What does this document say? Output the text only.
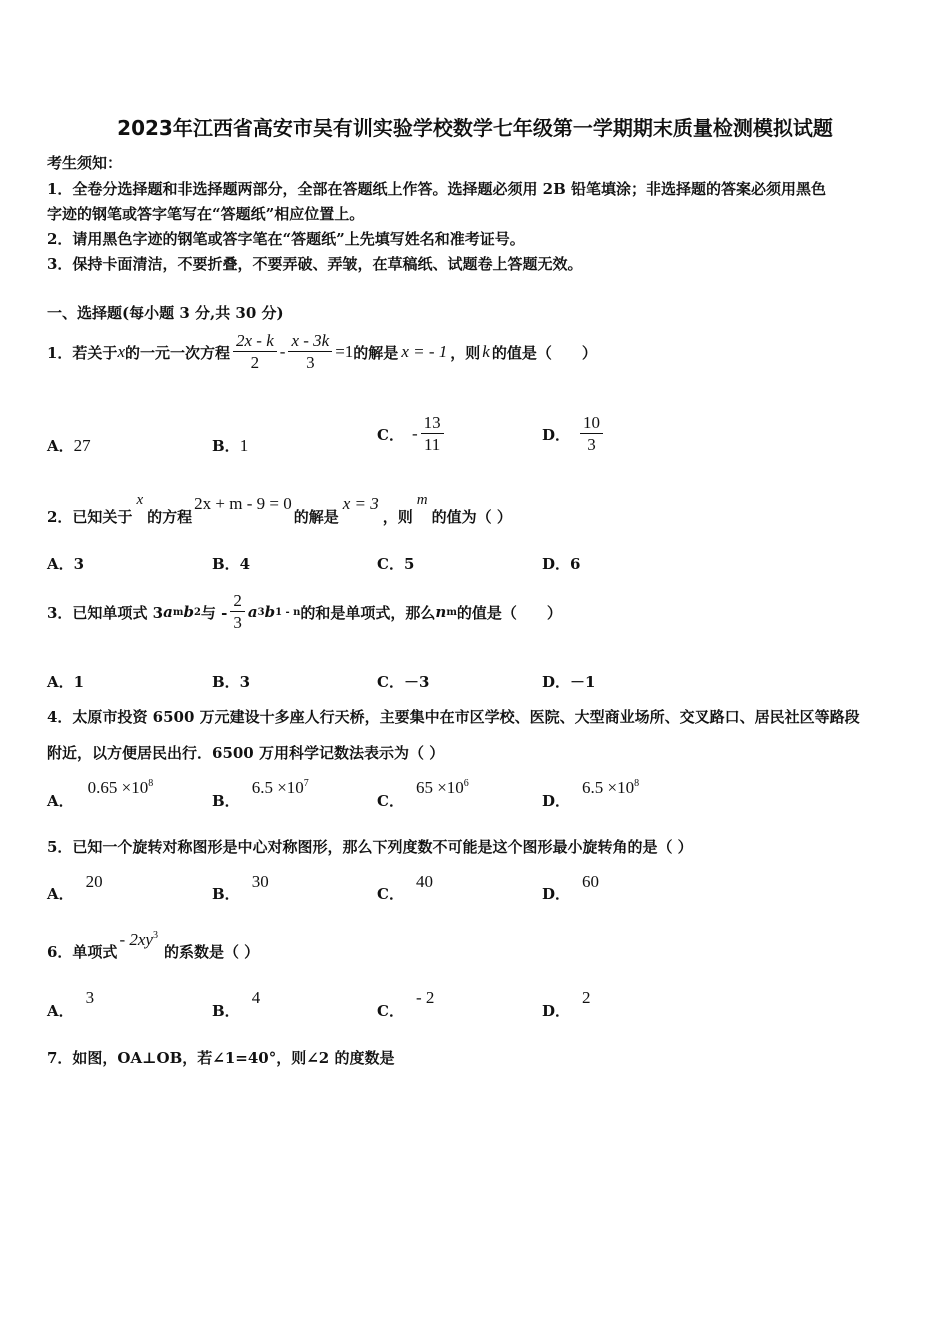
2023年江西省高安市吴有训实验学校数学七年级第一学期期末质量检测模拟试题
考生须知：
1．全卷分选择题和非选择题两部分，全部在答题纸上作答。选择题必须用 2B 铅笔填涂；非选择题的答案必须用黑色
字迹的钢笔或答字笔写在“答题纸”相应位置上。
2．请用黑色字迹的钢笔或答字笔在“答题纸”上先填写姓名和准考证号。
3．保持卡面清洁，不要折叠，不要弄破、弄皱，在草稿纸、试题卷上答题无效。
一、选择题(每小题 3 分,共 30 分)
1．若关于 x 的一元一次方程 $\frac{2x - k}{2} - \frac{x - 3k}{3} =1$ 的解是 x = - 1 ，则 k 的值是（　　）
A．27	B．1
C． - $\frac{13}{11}$	D． $\frac{10}{3}$
2．已知关于
x
的方程
2x + m - 9 = 0
的解是
x = 3
，则
m
的值为（ ）
A．3	B．4	C．5	D．6
3．已知单项式 3 a m b 2 与 - $\frac{2}{3}$ a 3 b 1 - n 的和是单项式，那么 n m 的值是（　　）
A．1	B．3	C．－3	D．－1
4．太原市投资 6500 万元建设十多座人行天桥，主要集中在市区学校、医院、大型商业场所、交叉路口、居民社区等路段
附近，以方便居民出行．6500 万用科学记数法表示为（ ）
A．
$0.65 \times 10^8$
B．
$6.5 \times 10^7$
C．
$65 \times 10^6$
D．
$6.5 \times 10^8$
5．已知一个旋转对称图形是中心对称图形，那么下列度数不可能是这个图形最小旋转角的是（ ）
A．
20
B．
30
C．
40
D．
60
6．单项式
- $2xy^3$
的系数是（ ）
A．
3
B．
4
C．
- 2
D．
2
7．如图，OA⊥OB，若∠1=40°，则∠2 的度数是
